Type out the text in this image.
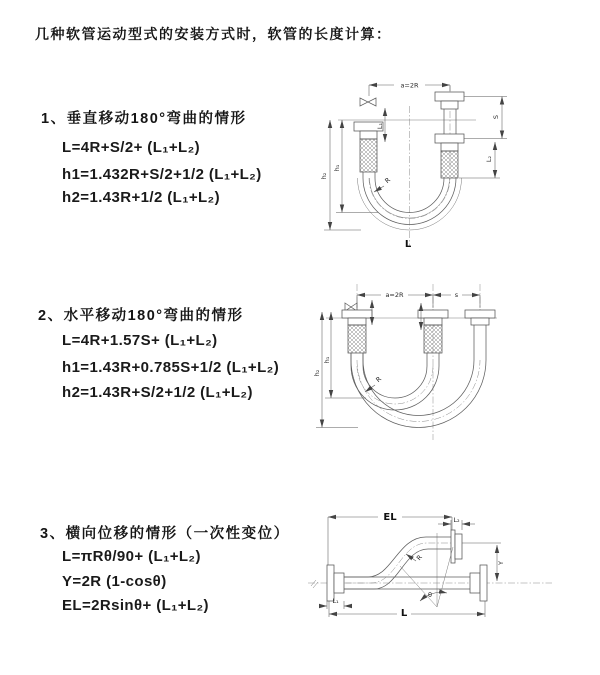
几种软管运动型式的安装方式时，软管的长度计算：
1、垂直移动180°弯曲的情形
L=4R+S/2+ (L₁+L₂)
h1=1.432R+S/2+1/2 (L₁+L₂)
h2=1.43R+1/2 (L₁+L₂)
2、水平移动180°弯曲的情形
L=4R+1.57S+ (L₁+L₂)
h1=1.43R+0.785S+1/2 (L₁+L₂)
h2=1.43R+S/2+1/2 (L₁+L₂)
3、横向位移的情形（一次性变位）
L=πRθ/90+ (L₁+L₂)
Y=2R (1-cosθ)
EL=2Rsinθ+ (L₁+L₂)
a=2R
h₂
h₁
L₁
S
L₂
R
L
a=2R	s
h₂
h₁
R
EL	L₂
Y
R
θ
L
L₁
